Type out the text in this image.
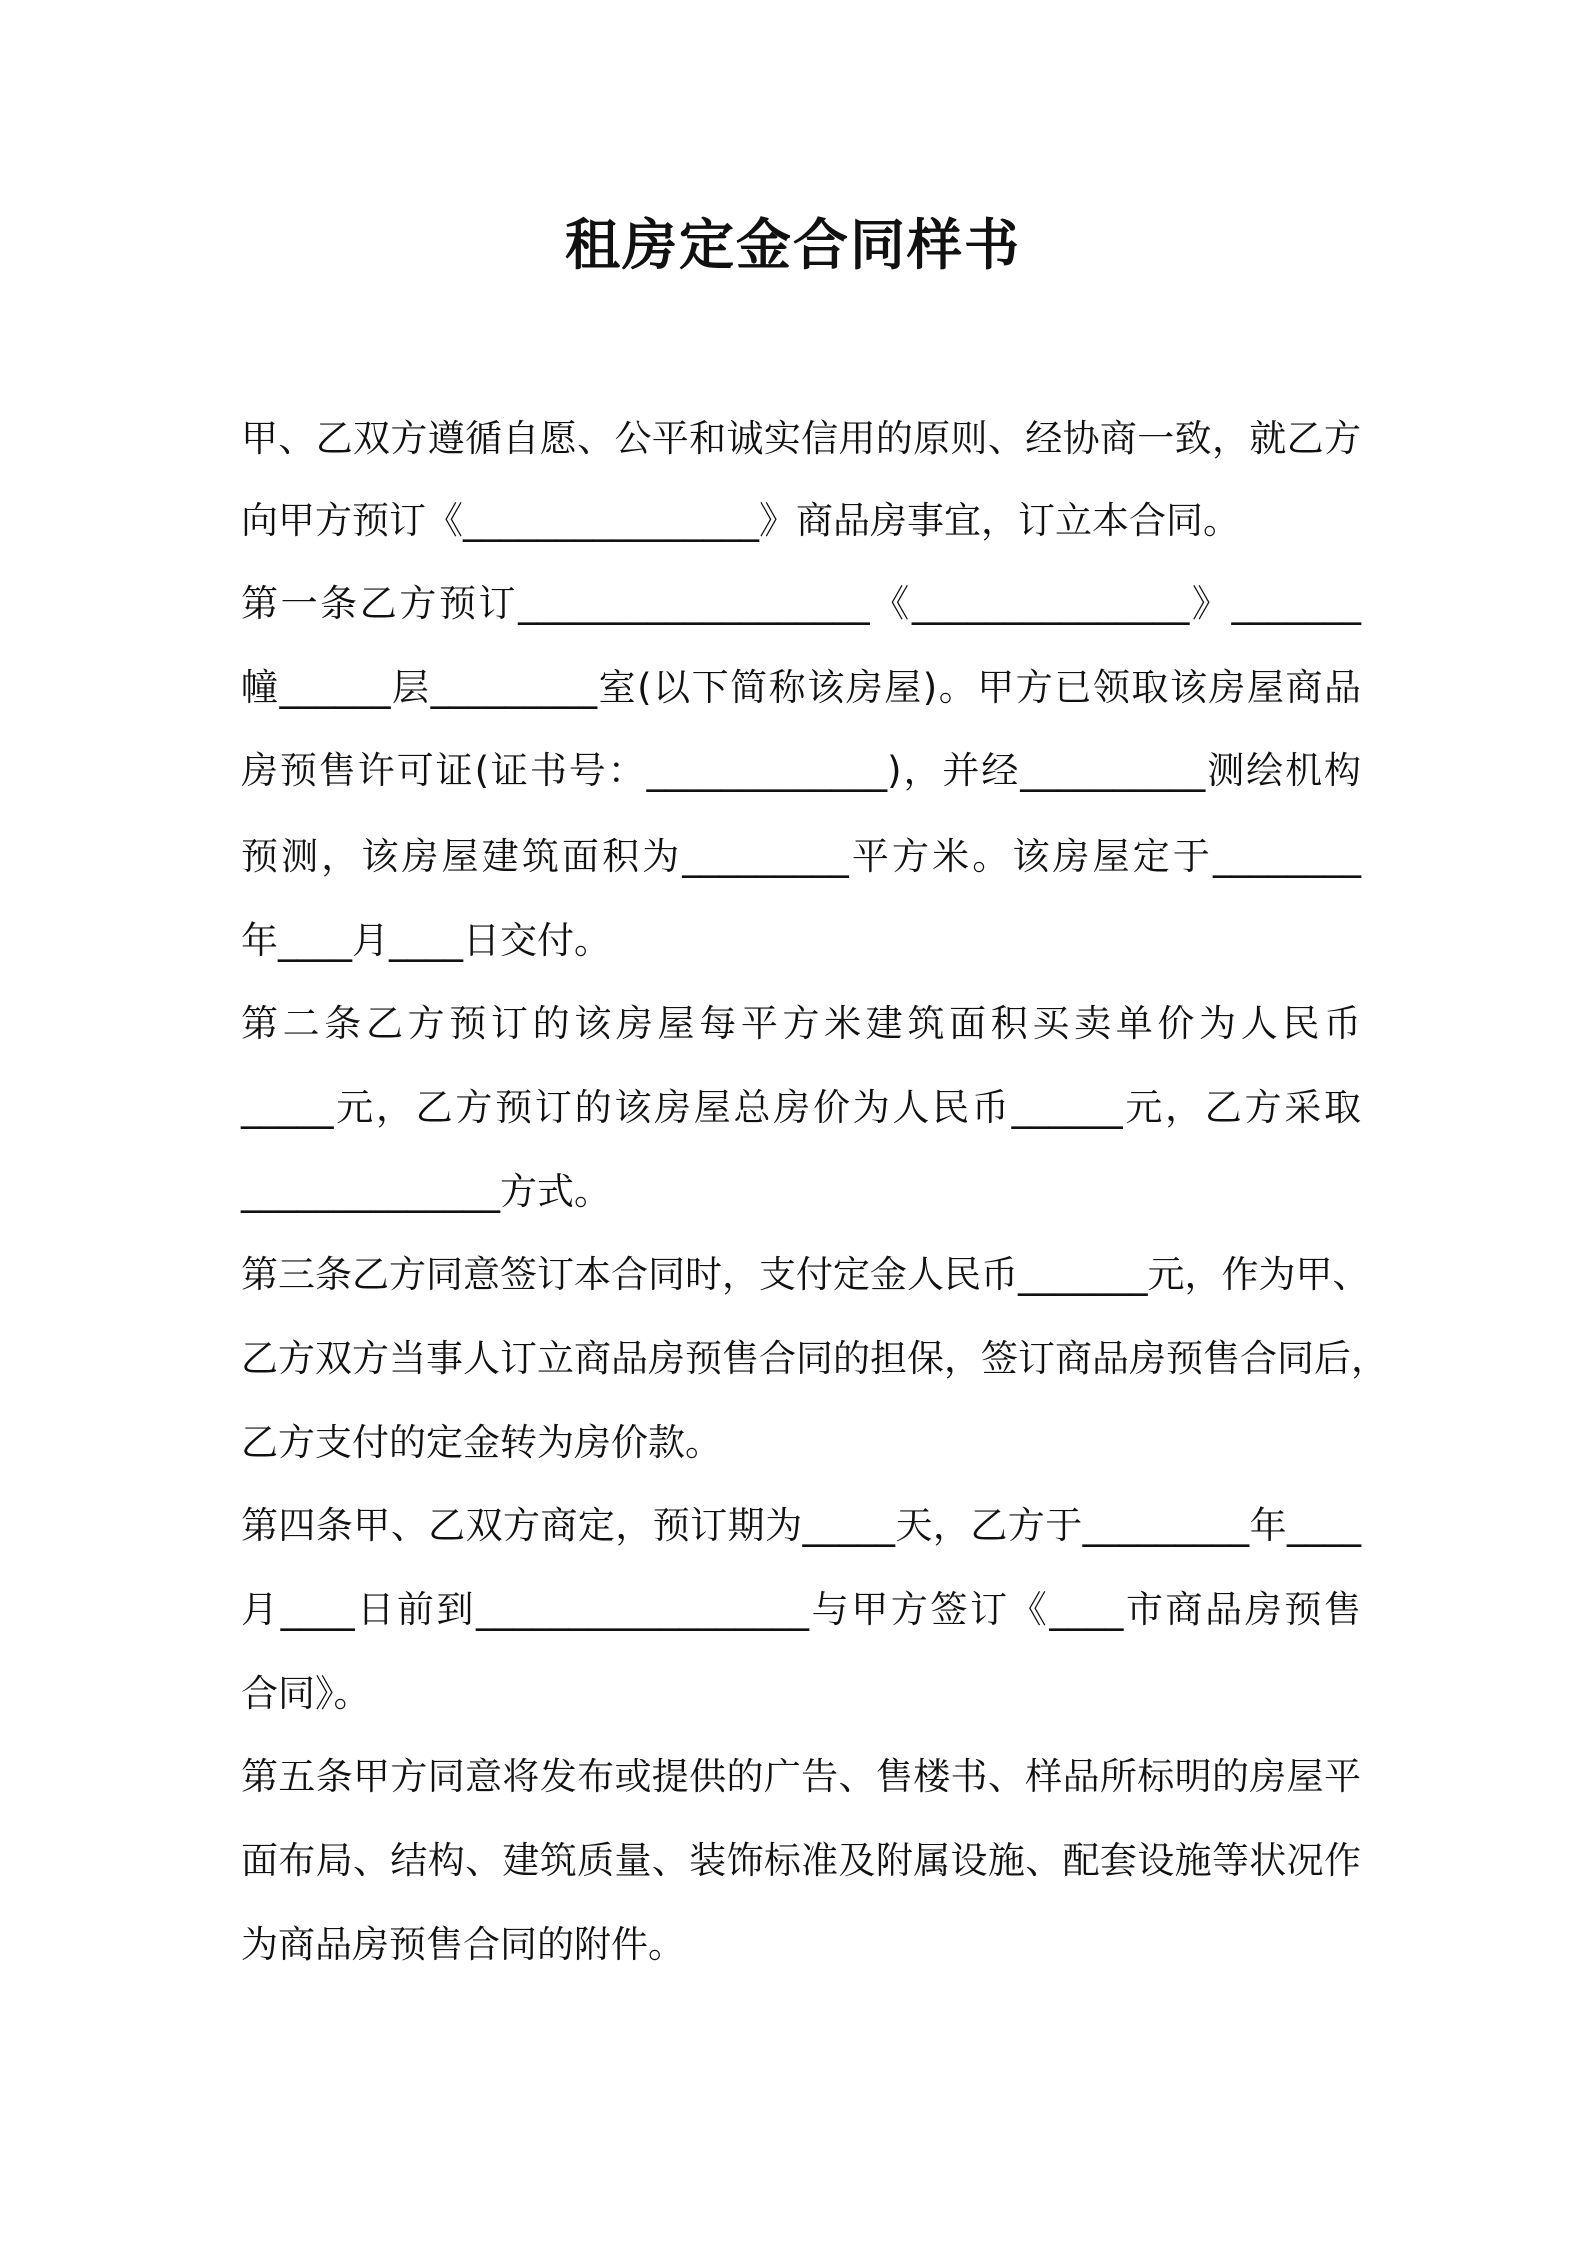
租房定金合同样书

甲、乙双方遵循自愿、公平和诚实信用的原则、经协商一致，就乙方

向甲方预订《________________》商品房事宜，订立本合同。

第一条乙方预订___________________《_______________》_______

幢______层_________室(以下简称该房屋)。甲方已领取该房屋商品

房预售许可证(证书号：_____________)，并经__________测绘机构

预测，该房屋建筑面积为_________平方米。该房屋定于________

年____月____日交付。

第二条乙方预订的该房屋每平方米建筑面积买卖单价为人民币

_____元，乙方预订的该房屋总房价为人民币______元，乙方采取

______________方式。

第三条乙方同意签订本合同时，支付定金人民币_______元，作为甲、

乙方双方当事人订立商品房预售合同的担保，签订商品房预售合同后，

乙方支付的定金转为房价款。

第四条甲、乙双方商定，预订期为_____天，乙方于_________年____

月____日前到__________________与甲方签订《____市商品房预售

合同》。

第五条甲方同意将发布或提供的广告、售楼书、样品所标明的房屋平

面布局、结构、建筑质量、装饰标准及附属设施、配套设施等状况作

为商品房预售合同的附件。
